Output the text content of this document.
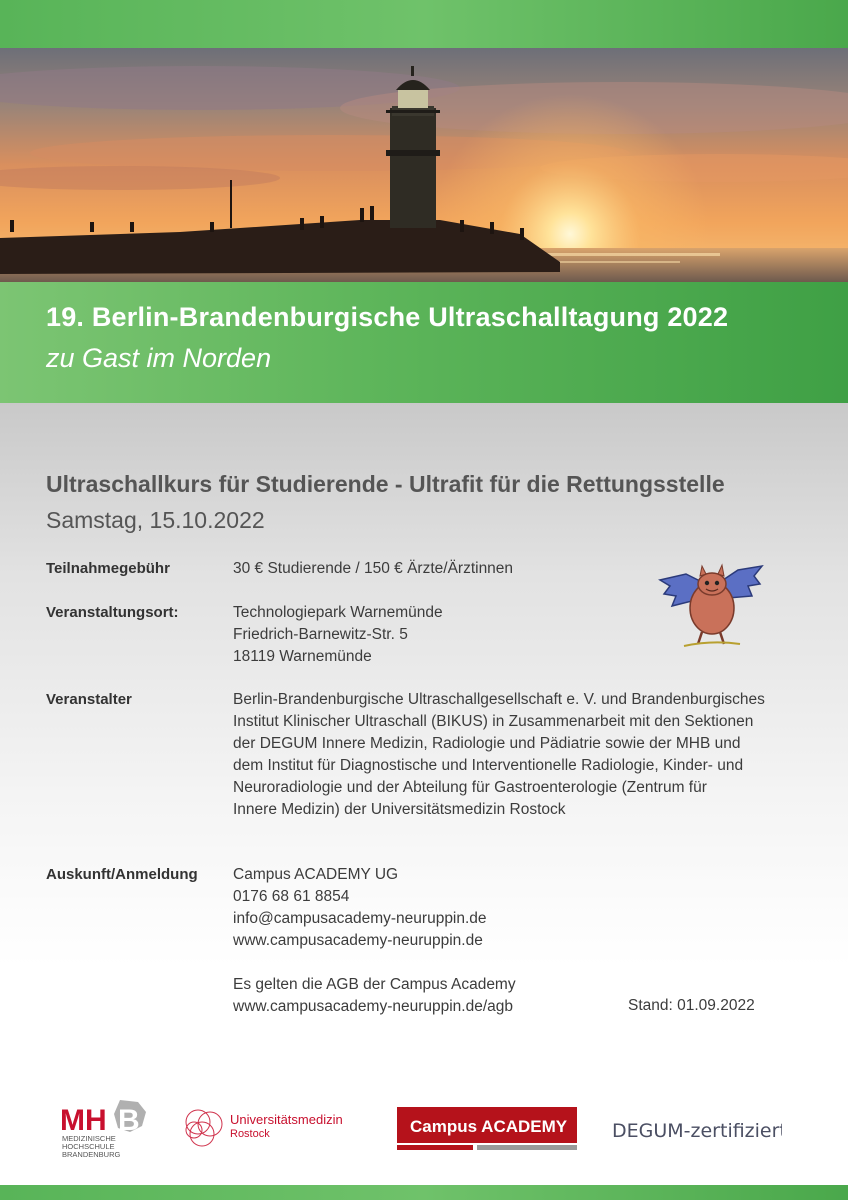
19. Berlin-Brandenburgische Ultraschalltagung 2022
zu Gast im Norden
Ultraschallkurs für Studierende - Ultrafit für die Rettungsstelle
Samstag, 15.10.2022
Teilnahmegebühr	30 € Studierende / 150 € Ärzte/Ärztinnen
Veranstaltungsort:	Technologiepark Warnemünde
Friedrich-Barnewitz-Str. 5
18119 Warnemünde
Veranstalter	Berlin-Brandenburgische Ultraschallgesellschaft e. V. und Brandenburgisches
Institut Klinischer Ultraschall (BIKUS) in Zusammenarbeit mit den Sektionen
der DEGUM Innere Medizin, Radiologie und Pädiatrie sowie der MHB und
dem Institut für Diagnostische und Interventionelle Radiologie, Kinder- und
Neuroradiologie und der Abteilung für Gastroenterologie (Zentrum für
Innere Medizin) der Universitätsmedizin Rostock
Auskunft/Anmeldung Campus ACADEMY UG
0176 68 61 8854
info@campusacademy-neuruppin.de
www.campusacademy-neuruppin.de
Es gelten die AGB der Campus Academy
www.campusacademy-neuruppin.de/agb	Stand: 01.09.2022
MH B
MEDIZINISCHE
HOCHSCHULE
BRANDENBURG
Universitätsmedizin
Rostock	Campus ACADEMY DEGUM-zertifiziert
